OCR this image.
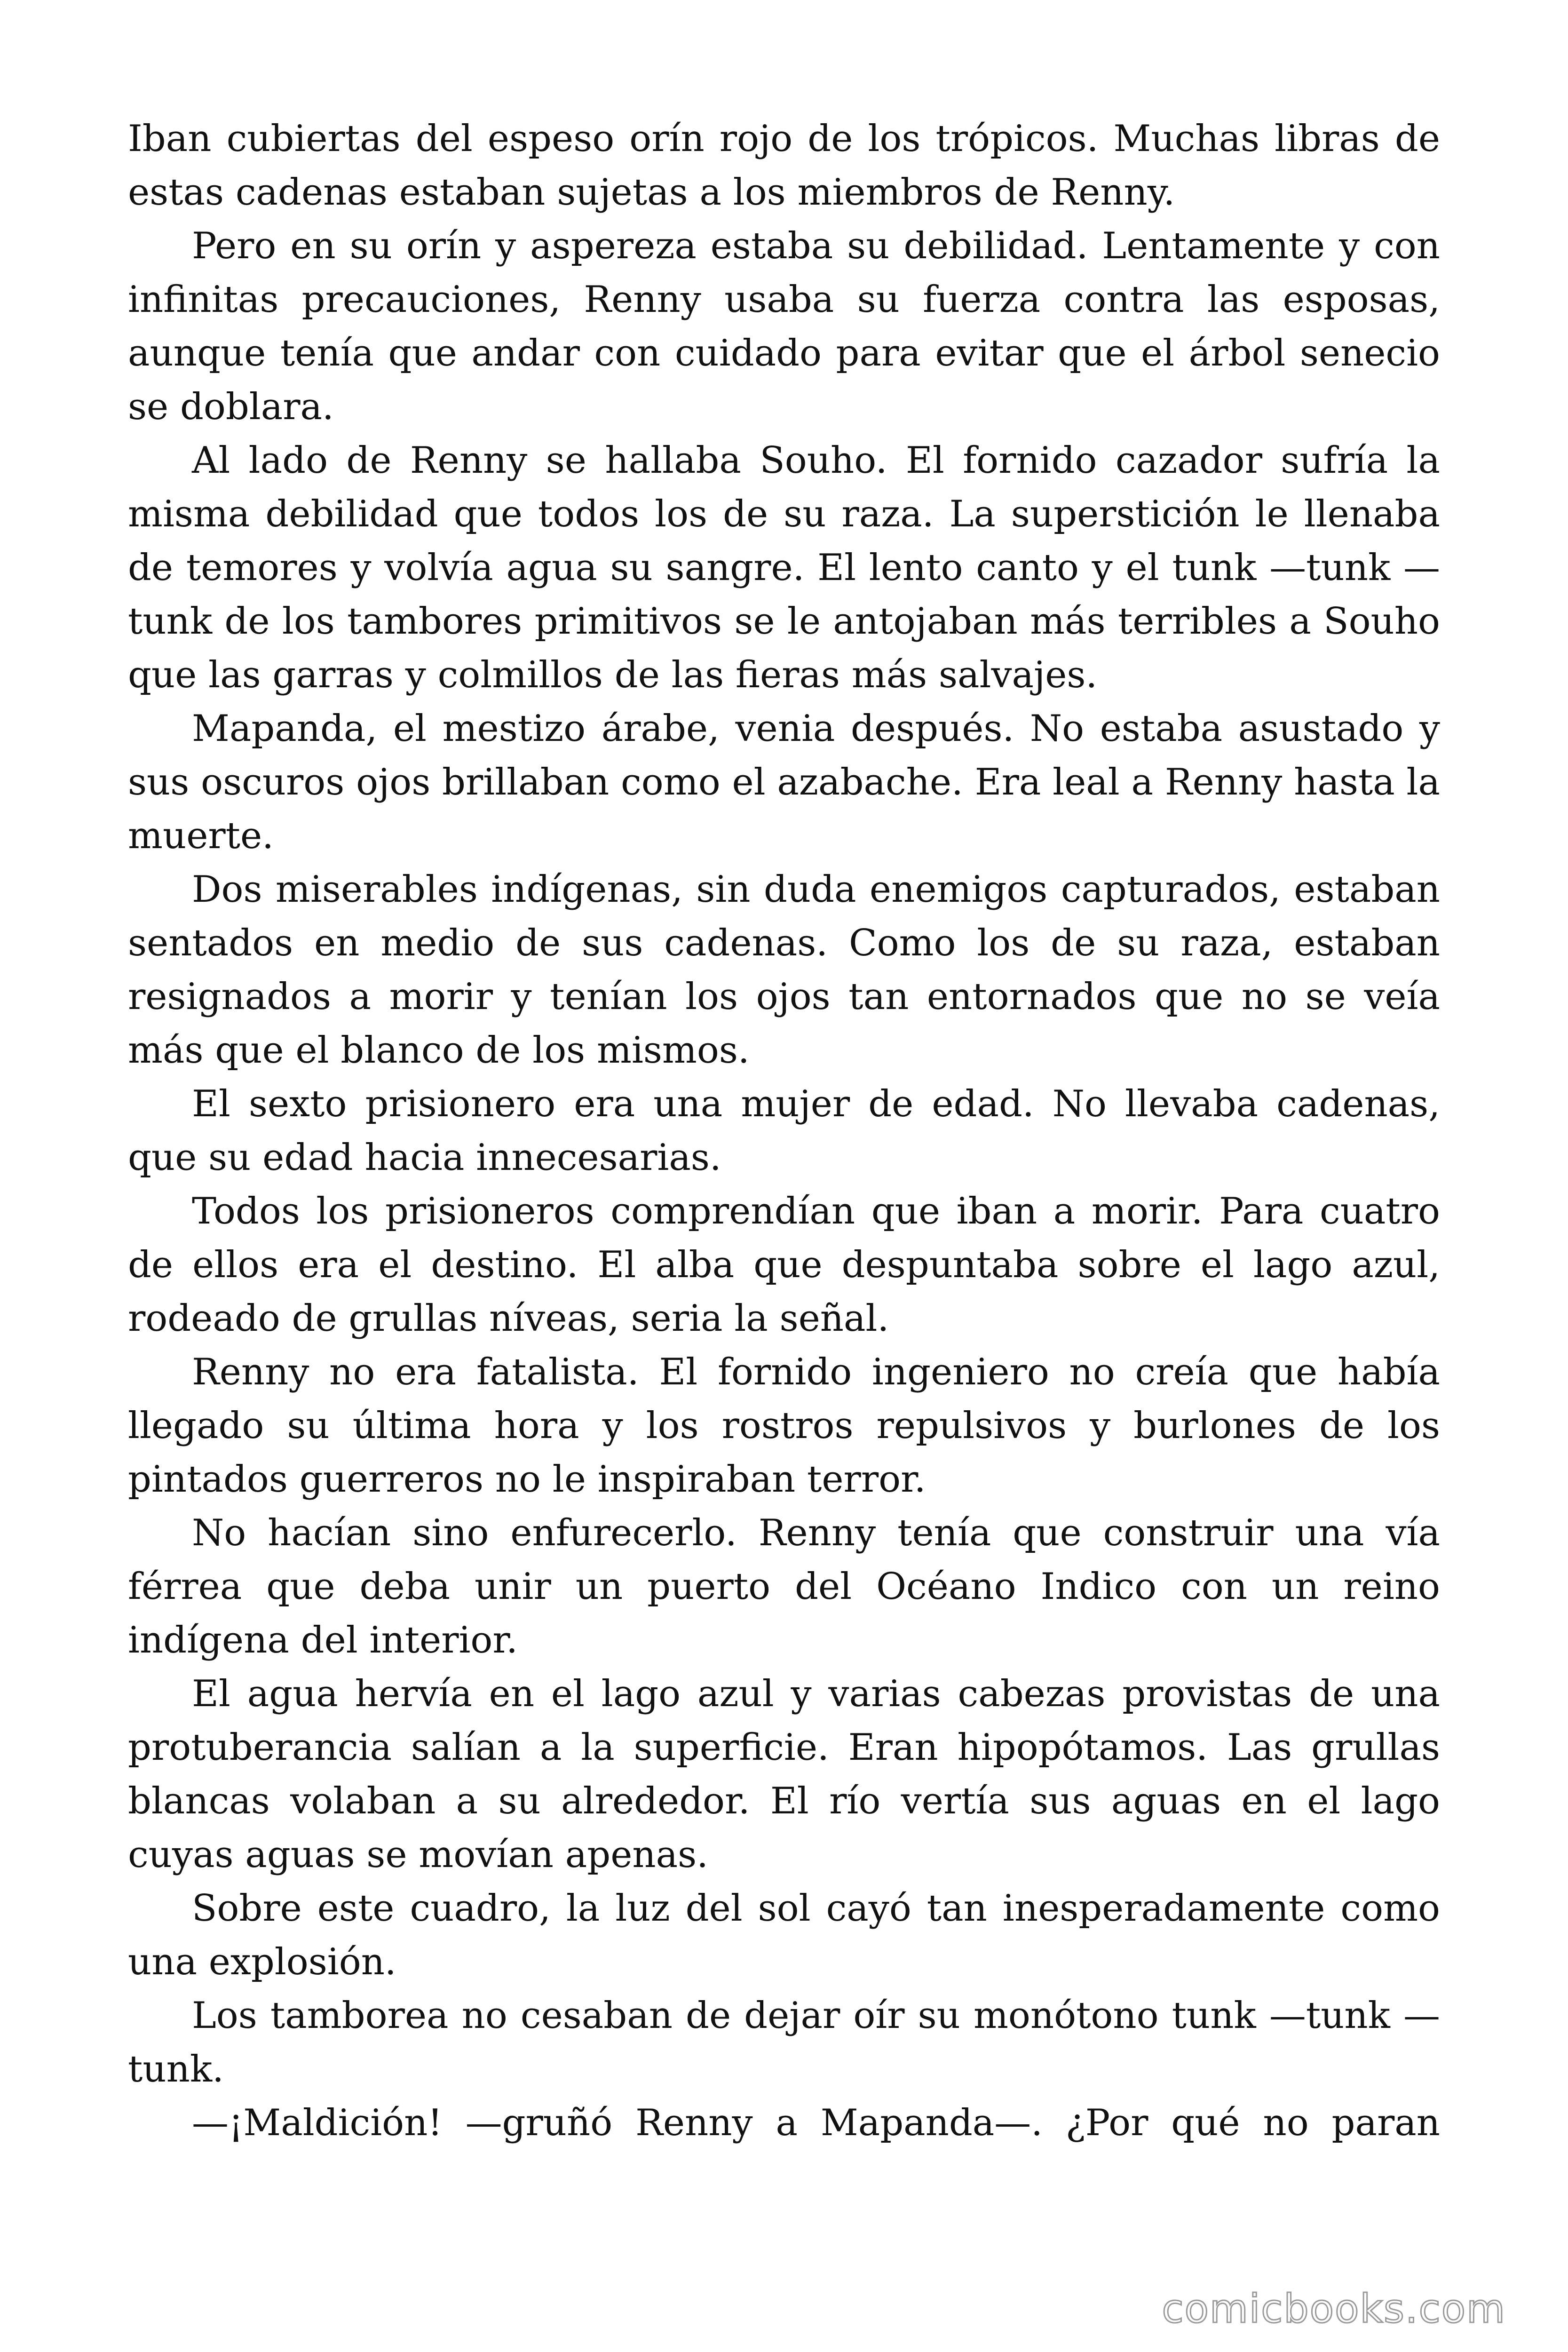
Iban cubiertas del espeso orín rojo de los trópicos. Muchas libras de estas cadenas estaban sujetas a los miembros de Renny.

Pero en su orín y aspereza estaba su debilidad. Lentamente y con infinitas precauciones, Renny usaba su fuerza contra las esposas, aunque tenía que andar con cuidado para evitar que el árbol senecio se doblara.

Al lado de Renny se hallaba Souho. El fornido cazador sufría la misma debilidad que todos los de su raza. La superstición le llenaba de temores y volvía agua su sangre. El lento canto y el tunk —tunk — tunk de los tambores primitivos se le antojaban más terribles a Souho que las garras y colmillos de las fieras más salvajes.

Mapanda, el mestizo árabe, venia después. No estaba asustado y sus oscuros ojos brillaban como el azabache. Era leal a Renny hasta la muerte.

Dos miserables indígenas, sin duda enemigos capturados, estaban sentados en medio de sus cadenas. Como los de su raza, estaban resignados a morir y tenían los ojos tan entornados que no se veía más que el blanco de los mismos.

El sexto prisionero era una mujer de edad. No llevaba cadenas, que su edad hacia innecesarias.

Todos los prisioneros comprendían que iban a morir. Para cuatro de ellos era el destino. El alba que despuntaba sobre el lago azul, rodeado de grullas níveas, seria la señal.

Renny no era fatalista. El fornido ingeniero no creía que había llegado su última hora y los rostros repulsivos y burlones de los pintados guerreros no le inspiraban terror.

No hacían sino enfurecerlo. Renny tenía que construir una vía férrea que deba unir un puerto del Océano Indico con un reino indígena del interior.

El agua hervía en el lago azul y varias cabezas provistas de una protuberancia salían a la superficie. Eran hipopótamos. Las grullas blancas volaban a su alrededor. El río vertía sus aguas en el lago cuyas aguas se movían apenas.

Sobre este cuadro, la luz del sol cayó tan inesperadamente como una explosión.

Los tamborea no cesaban de dejar oír su monótono tunk —tunk — tunk.

—¡Maldición! —gruñó Renny a Mapanda—. ¿Por qué no paran

comicbooks.com
